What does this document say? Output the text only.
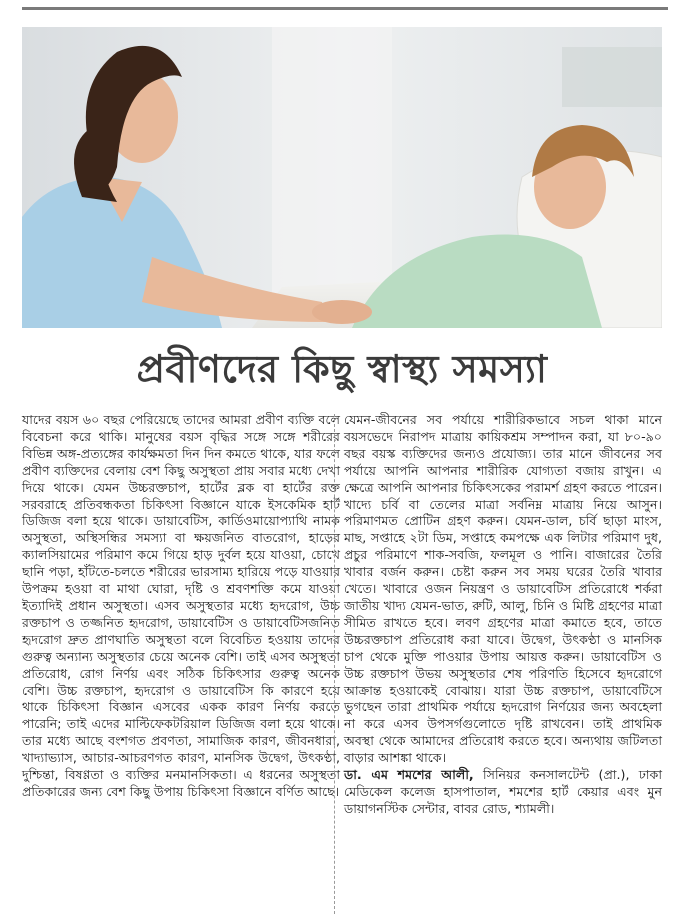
প্রবীণদের কিছু স্বাস্থ্য সমস্যা

যাদের বয়স ৬০ বছর পেরিয়েছে তাদের আমরা প্রবীণ ব্যক্তি বলে বিবেচনা করে থাকি। মানুষের বয়স বৃদ্ধির সঙ্গে সঙ্গে শরীরের বিভিন্ন অঙ্গ-প্রত্যঙ্গের কার্যক্ষমতা দিন দিন কমতে থাকে, যার ফলে প্রবীণ ব্যক্তিদের বেলায় বেশ কিছু অসুস্থতা প্রায় সবার মধ্যে দেখা দিয়ে থাকে। যেমন উচ্চরক্তচাপ, হার্টের ব্লক বা হার্টের রক্ত সরবরাহে প্রতিবন্ধকতা চিকিৎসা বিজ্ঞানে যাকে ইসকেমিক হার্ট ডিজিজ বলা হয়ে থাকে। ডায়াবেটিস, কার্ডিওমায়োপ্যাথি নামক অসুস্থতা, অস্থিসন্ধির সমস্যা বা ক্ষয়জনিত বাতরোগ, হাড়ের ক্যালসিয়ামের পরিমাণ কমে গিয়ে হাড় দুর্বল হয়ে যাওয়া, চোখে ছানি পড়া, হাঁটতে-চলতে শরীরের ভারসাম্য হারিয়ে পড়ে যাওয়ার উপক্রম হওয়া বা মাথা ঘোরা, দৃষ্টি ও শ্রবণশক্তি কমে যাওয়া ইত্যাদিই প্রধান অসুস্থতা। এসব অসুস্থতার মধ্যে হৃদরোগ, উচ্চ রক্তচাপ ও তজ্জনিত হৃদরোগ, ডায়াবেটিস ও ডায়াবেটিসজনিত হৃদরোগ দ্রুত প্রাণঘাতি অসুস্থতা বলে বিবেচিত হওয়ায় তাদের গুরুত্ব অন্যান্য অসুস্থতার চেয়ে অনেক বেশি। তাই এসব অসুস্থতা প্রতিরোধ, রোগ নির্ণয় এবং সঠিক চিকিৎসার গুরুত্ব অনেক বেশি। উচ্চ রক্তচাপ, হৃদরোগ ও ডায়াবেটিস কি কারণে হয়ে থাকে চিকিৎসা বিজ্ঞান এসবের একক কারণ নির্ণয় করতে পারেনি; তাই এদের মাল্টিফেকটরিয়াল ডিজিজ বলা হয়ে থাকে। তার মধ্যে আছে বংশগত প্রবণতা, সামাজিক কারণ, জীবনধারা, খাদ্যাভ্যাস, আচার-আচরণগত কারণ, মানসিক উদ্বেগ, উৎকণ্ঠা, দুশ্চিন্তা, বিষণ্ণতা ও ব্যক্তির মনমানসিকতা। এ ধরনের অসুস্থতা প্রতিকারের জন্য বেশ কিছু উপায় চিকিৎসা বিজ্ঞানে বর্ণিত আছে।

যেমন-জীবনের সব পর্যায়ে শারীরিকভাবে সচল থাকা মানে বয়সভেদে নিরাপদ মাত্রায় কায়িকশ্রম সম্পাদন করা, যা ৮০-৯০ বছর বয়স্ক ব্যক্তিদের জন্যও প্রযোজ্য। তার মানে জীবনের সব পর্যায়ে আপনি আপনার শারীরিক যোগ্যতা বজায় রাখুন। এ ক্ষেত্রে আপনি আপনার চিকিৎসকের পরামর্শ গ্রহণ করতে পারেন। খাদ্যে চর্বি বা তেলের মাত্রা সর্বনিম্ন মাত্রায় নিয়ে আসুন। পরিমাণমত প্রোটিন গ্রহণ করুন। যেমন-ডাল, চর্বি ছাড়া মাংস, মাছ, সপ্তাহে ২টা ডিম, সপ্তাহে কমপক্ষে এক লিটার পরিমাণ দুধ, প্রচুর পরিমাণে শাক-সবজি, ফলমূল ও পানি। বাজারের তৈরি খাবার বর্জন করুন। চেষ্টা করুন সব সময় ঘরের তৈরি খাবার খেতে। খাবারে ওজন নিয়ন্ত্রণ ও ডায়াবেটিস প্রতিরোধে শর্করা জাতীয় খাদ্য যেমন-ভাত, রুটি, আলু, চিনি ও মিষ্টি গ্রহণের মাত্রা সীমিত রাখতে হবে। লবণ গ্রহণের মাত্রা কমাতে হবে, তাতে উচ্চরক্তচাপ প্রতিরোধ করা যাবে। উদ্বেগ, উৎকণ্ঠা ও মানসিক চাপ থেকে মুক্তি পাওয়ার উপায় আয়ত্ত করুন। ডায়াবেটিস ও উচ্চ রক্তচাপ উভয় অসুস্থতার শেষ পরিণতি হিসেবে হৃদরোগে আক্রান্ত হওয়াকেই বোঝায়। যারা উচ্চ রক্তচাপ, ডায়াবেটিসে ভুগছেন তারা প্রাথমিক পর্যায়ে হৃদরোগ নির্ণয়ের জন্য অবহেলা না করে এসব উপসর্গগুলোতে দৃষ্টি রাখবেন। তাই প্রাথমিক অবস্থা থেকে আমাদের প্রতিরোধ করতে হবে। অন্যথায় জটিলতা বাড়ার আশঙ্কা থাকে।

ডা. এম শমশের আলী, সিনিয়র কনসালটেন্ট (প্রা.), ঢাকা মেডিকেল কলেজ হাসপাতাল, শমশের হার্ট কেয়ার এবং মুন ডায়াগনস্টিক সেন্টার, বাবর রোড, শ্যামলী।
